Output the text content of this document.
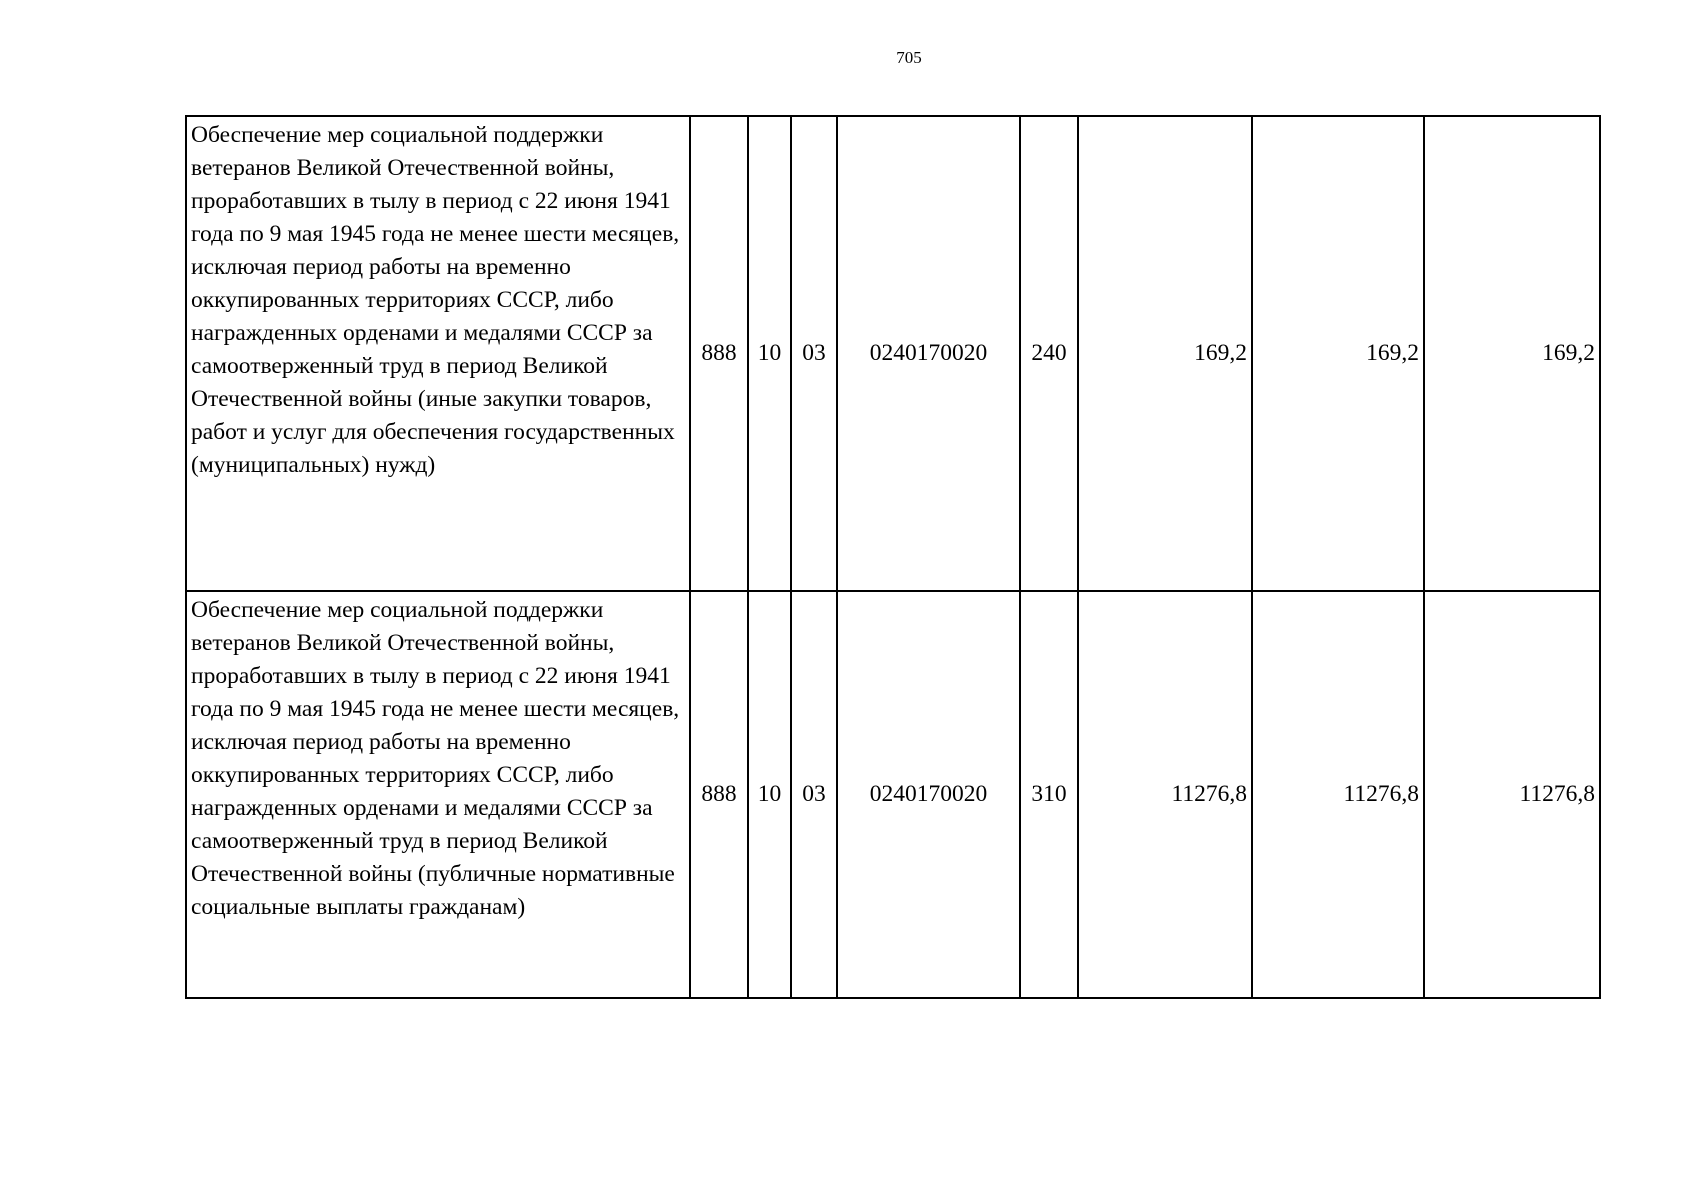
705
Обеспечение мер социальной поддержки ветеранов Великой Отечественной войны, проработавших в тылу в период с 22 июня 1941 года по 9 мая 1945 года не менее шести месяцев, исключая период работы на временно оккупированных территориях СССР, либо награжденных орденами и медалями СССР за самоотверженный труд в период Великой Отечественной войны (иные закупки товаров, работ и услуг для обеспечения государственных (муниципальных) нужд)	888	10	03	0240170020	240	169,2	169,2	169,2
Обеспечение мер социальной поддержки ветеранов Великой Отечественной войны, проработавших в тылу в период с 22 июня 1941 года по 9 мая 1945 года не менее шести месяцев, исключая период работы на временно оккупированных территориях СССР, либо награжденных орденами и медалями СССР за самоотверженный труд в период Великой Отечественной войны (публичные нормативные социальные выплаты гражданам)	888	10	03	0240170020	310	11276,8	11276,8	11276,8
